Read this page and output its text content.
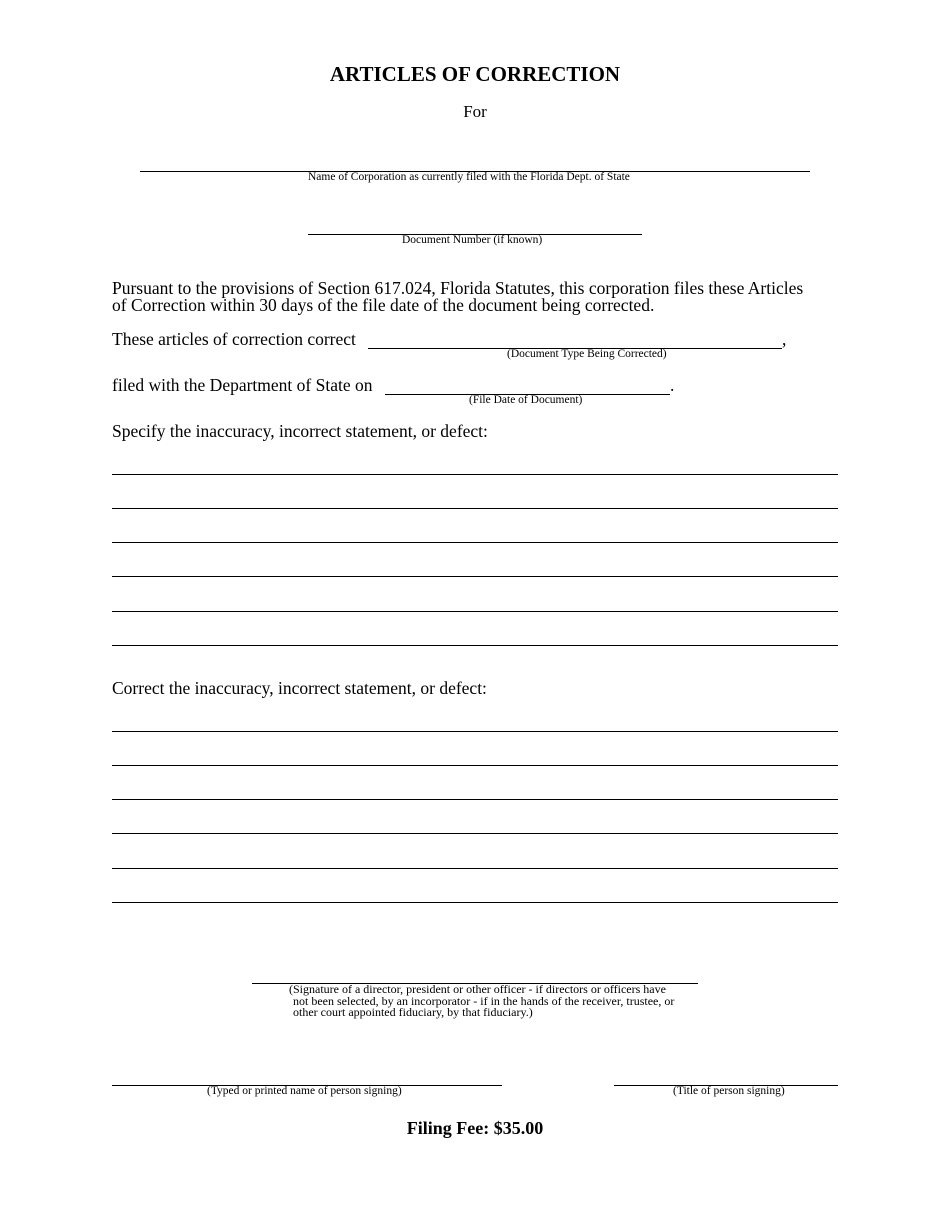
ARTICLES OF CORRECTION
For
Name of Corporation as currently filed with the Florida Dept. of State
Document Number (if known)
Pursuant to the provisions of Section 617.024, Florida Statutes, this corporation files these Articles
of Correction within 30 days of the file date of the document being corrected.
These articles of correction correct	,
(Document Type Being Corrected)
filed with the Department of State on	.
(File Date of Document)
Specify the inaccuracy, incorrect statement, or defect:
Correct the inaccuracy, incorrect statement, or defect:
(Signature of a director, president or other officer - if directors or officers have
not been selected, by an incorporator - if in the hands of the receiver, trustee, or
other court appointed fiduciary, by that fiduciary.)
(Typed or printed name of person signing)	(Title of person signing)
Filing Fee: $35.00
